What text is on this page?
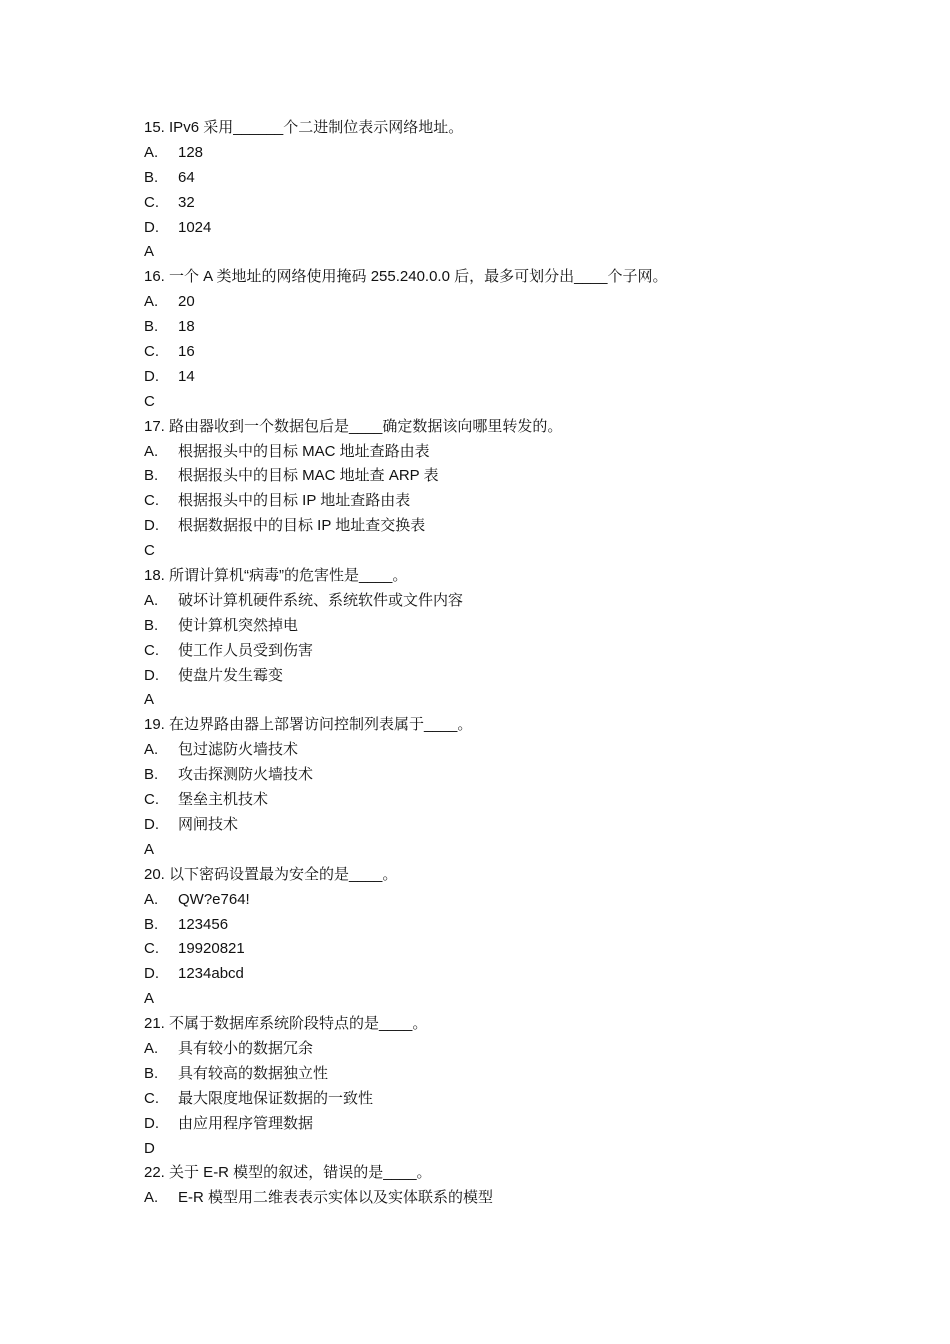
15. IPv6 采用______个二进制位表示网络地址。
A. 128
B. 64
C. 32
D. 1024
A
16. 一个 A 类地址的网络使用掩码 255.240.0.0 后，最多可划分出____个子网。
A. 20
B. 18
C. 16
D. 14
C
17. 路由器收到一个数据包后是____确定数据该向哪里转发的。
A. 根据报头中的目标 MAC 地址查路由表
B. 根据报头中的目标 MAC 地址查 ARP 表
C. 根据报头中的目标 IP 地址查路由表
D. 根据数据报中的目标 IP 地址查交换表
C
18. 所谓计算机“病毒”的危害性是____。
A. 破坏计算机硬件系统、系统软件或文件内容
B. 使计算机突然掉电
C. 使工作人员受到伤害
D. 使盘片发生霉变
A
19. 在边界路由器上部署访问控制列表属于____。
A. 包过滤防火墙技术
B. 攻击探测防火墙技术
C. 堡垒主机技术
D. 网闸技术
A
20. 以下密码设置最为安全的是____。
A. QW?e764!
B. 123456
C. 19920821
D. 1234abcd
A
21. 不属于数据库系统阶段特点的是____。
A. 具有较小的数据冗余
B. 具有较高的数据独立性
C. 最大限度地保证数据的一致性
D. 由应用程序管理数据
D
22. 关于 E-R 模型的叙述，错误的是____。
A. E-R 模型用二维表表示实体以及实体联系的模型
